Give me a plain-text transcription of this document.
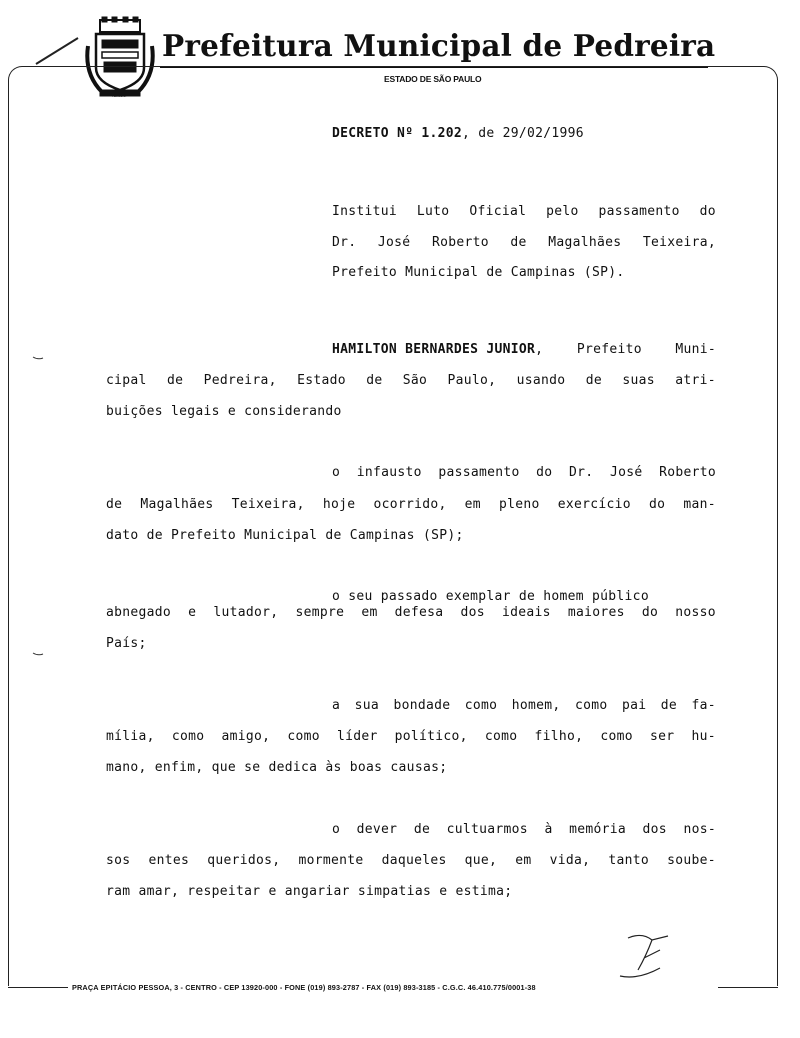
PEDREIRA
Prefeitura Municipal de Pedreira
ESTADO DE SÃO PAULO
DECRETO Nº 1.202, de 29/02/1996
Institui Luto Oficial pelo passamento do
Dr. José Roberto de Magalhães Teixeira,
Prefeito Municipal de Campinas (SP).
HAMILTON BERNARDES JUNIOR,	Prefeito	Muni-
cipal de Pedreira, Estado de São Paulo, usando de suas atri-
buições legais e considerando
o infausto passamento do Dr. José Roberto
de Magalhães Teixeira, hoje ocorrido, em pleno exercício do man-
dato de Prefeito Municipal de Campinas (SP);
o seu passado exemplar de homem público
abnegado e lutador, sempre em defesa dos ideais maiores do nosso
País;
a sua bondade como homem, como pai de fa-
mília, como amigo, como líder político, como filho, como ser hu-
mano, enfim, que se dedica às boas causas;
o dever de cultuarmos à memória dos nos-
sos entes queridos, mormente daqueles que, em vida, tanto soube-
ram amar, respeitar e angariar simpatias e estima;
PRAÇA EPITÁCIO PESSOA, 3 - CENTRO - CEP 13920-000 - FONE (019) 893-2787 - FAX (019) 893-3185 - C.G.C. 46.410.775/0001-38
